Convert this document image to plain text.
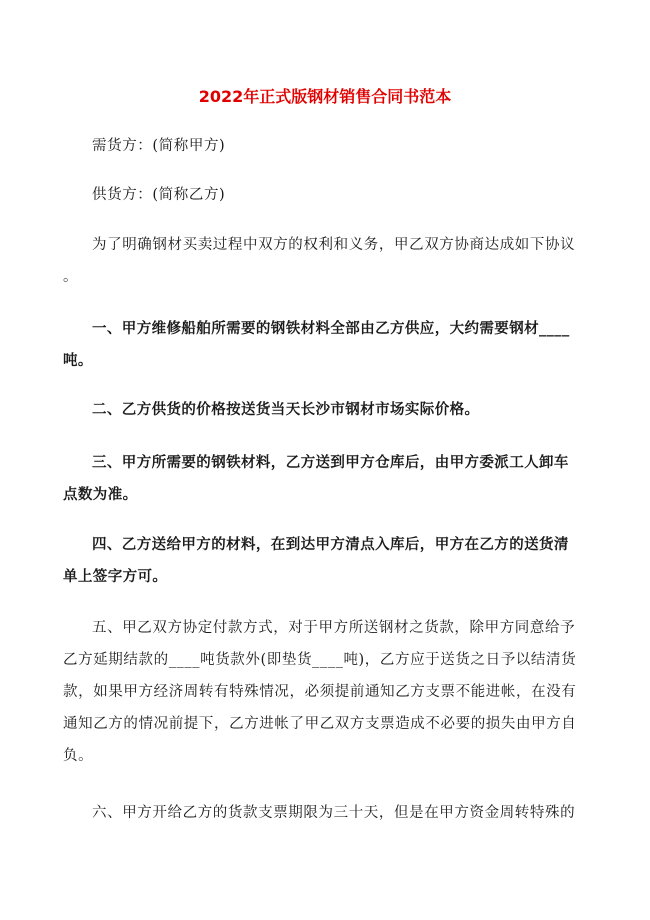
2022年正式版钢材销售合同书范本

需货方：(简称甲方)

供货方：(简称乙方)

为了明确钢材买卖过程中双方的权利和义务，甲乙双方协商达成如下协议
。

一、甲方维修船舶所需要的钢铁材料全部由乙方供应，大约需要钢材____
吨。

二、乙方供货的价格按送货当天长沙市钢材市场实际价格。

三、甲方所需要的钢铁材料，乙方送到甲方仓库后，由甲方委派工人卸车
点数为准。

四、乙方送给甲方的材料，在到达甲方清点入库后，甲方在乙方的送货清
单上签字方可。

五、甲乙双方协定付款方式，对于甲方所送钢材之货款，除甲方同意给予
乙方延期结款的____吨货款外(即垫货____吨)，乙方应于送货之日予以结清货
款，如果甲方经济周转有特殊情况，必须提前通知乙方支票不能进帐，在没有
通知乙方的情况前提下，乙方进帐了甲乙双方支票造成不必要的损失由甲方自
负。

六、甲方开给乙方的货款支票期限为三十天，但是在甲方资金周转特殊的
